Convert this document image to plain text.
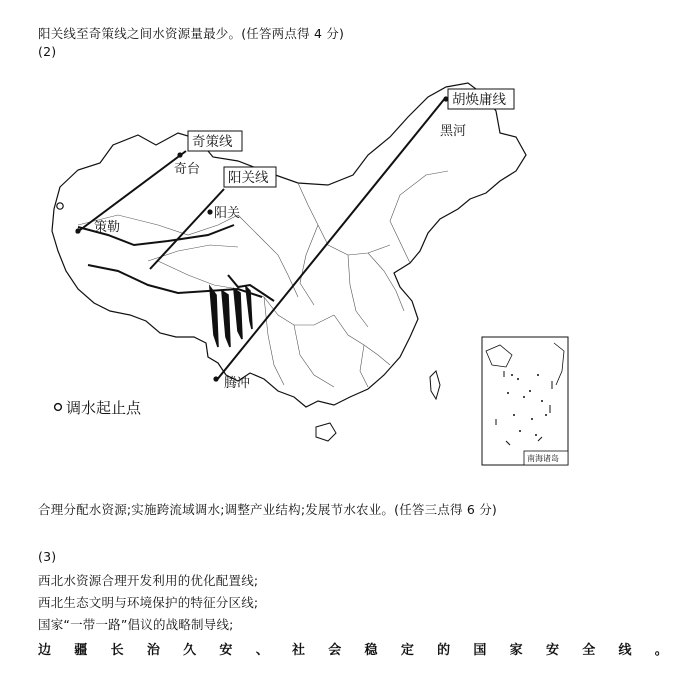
阳关线至奇策线之间水资源量最少。(任答两点得 4 分)
(2)
奇策线
阳关线
胡焕庸线
奇台
策勒
阳关
黑河
腾冲
调水起止点
南海诸岛
合理分配水资源;实施跨流域调水;调整产业结构;发展节水农业。(任答三点得 6 分)
(3)
西北水资源合理开发利用的优化配置线;
西北生态文明与环境保护的特征分区线;
国家“一带一路”倡议的战略制导线;
边 疆 长 治 久 安 、 社 会 稳 定 的 国 家 安 全 线 。
